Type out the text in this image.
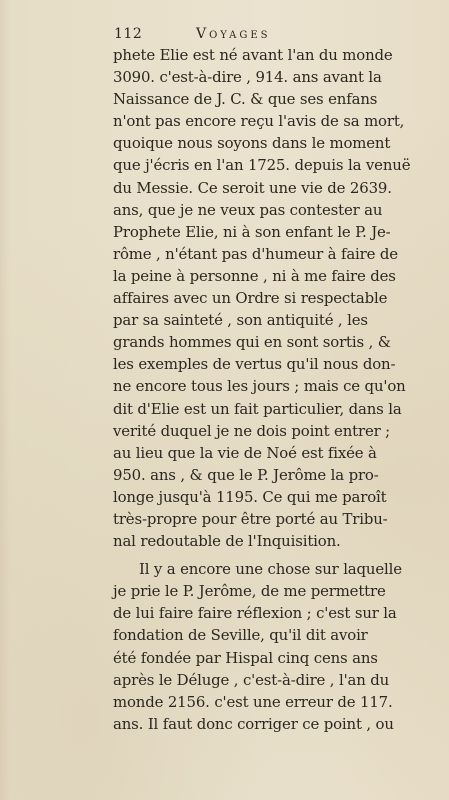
112	Voyages
phete Elie est né avant l'an du monde
3090. c'est-à-dire , 914. ans avant la
Naissance de J. C. & que ses enfans
n'ont pas encore reçu l'avis de sa mort,
quoique nous soyons dans le moment
que j'écris en l'an 1725. depuis la venuë
du Messie. Ce seroit une vie de 2639.
ans, que je ne veux pas contester au
Prophete Elie, ni à son enfant le P. Je-
rôme , n'étant pas d'humeur à faire de
la peine à personne , ni à me faire des
affaires avec un Ordre si respectable
par sa sainteté , son antiquité , les
grands hommes qui en sont sortis , &
les exemples de vertus qu'il nous don-
ne encore tous les jours ; mais ce qu'on
dit d'Elie est un fait particulier, dans la
verité duquel je ne dois point entrer ;
au lieu que la vie de Noé est fixée à
950. ans , & que le P. Jerôme la pro-
longe jusqu'à 1195. Ce qui me paroît
très-propre pour être porté au Tribu-
nal redoutable de l'Inquisition.
Il y a encore une chose sur laquelle
je prie le P. Jerôme, de me permettre
de lui faire faire réflexion ; c'est sur la
fondation de Seville, qu'il dit avoir
été fondée par Hispal cinq cens ans
après le Déluge , c'est-à-dire , l'an du
monde 2156. c'est une erreur de 117.
ans. Il faut donc corriger ce point , ou
